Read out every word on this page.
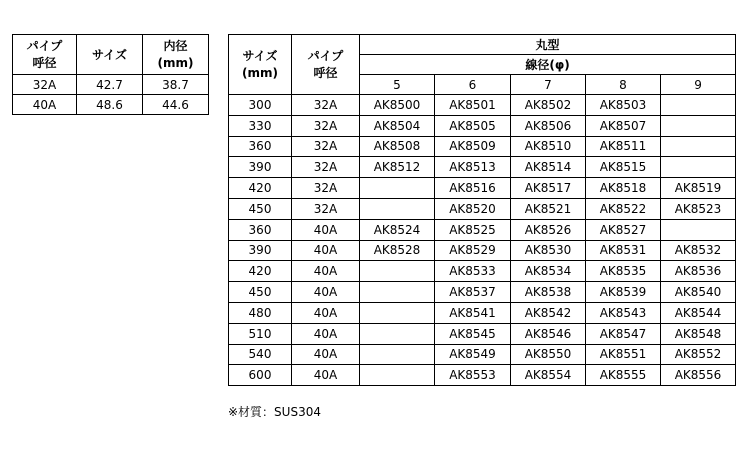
パイプ
呼径	サイズ	内径
(mm)

32A	42.7	38.7
40A	48.6	44.6
サイズ
(mm)	パイプ
呼径	丸型				
		線径(φ)				
		5	6	7	8	9
300	32A	AK8500	AK8501	AK8502	AK8503	
330	32A	AK8504	AK8505	AK8506	AK8507	
360	32A	AK8508	AK8509	AK8510	AK8511	
390	32A	AK8512	AK8513	AK8514	AK8515	
420	32A		AK8516	AK8517	AK8518	AK8519
450	32A		AK8520	AK8521	AK8522	AK8523
360	40A	AK8524	AK8525	AK8526	AK8527	
390	40A	AK8528	AK8529	AK8530	AK8531	AK8532
420	40A		AK8533	AK8534	AK8535	AK8536
450	40A		AK8537	AK8538	AK8539	AK8540
480	40A		AK8541	AK8542	AK8543	AK8544
510	40A		AK8545	AK8546	AK8547	AK8548
540	40A		AK8549	AK8550	AK8551	AK8552
600	40A		AK8553	AK8554	AK8555	AK8556
※材質：SUS304
